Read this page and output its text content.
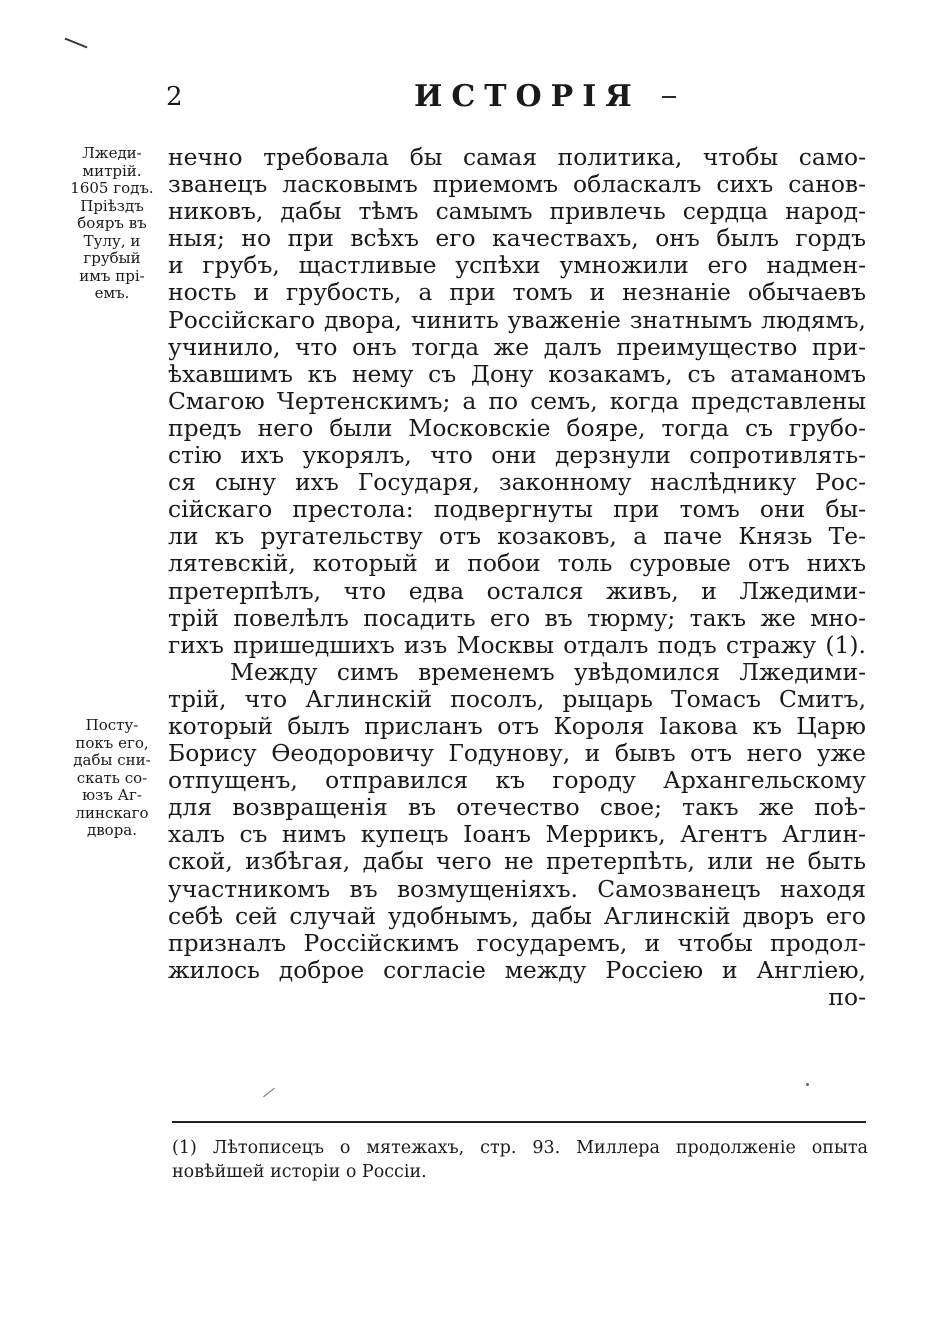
2	ИСТОРІЯ
Лжеди-
митрій.
1605 годъ.
Пріѣздъ
бояръ въ
Тулу, и
грубый
имъ прі-
емъ.
Посту-
покъ его,
дабы сни-
скать со-
юзъ Аг-
линскаго
двора.
нечно требовала бы самая политика, чтобы само-
званецъ ласковымъ приемомъ обласкалъ сихъ санов-
никовъ, дабы тѣмъ самымъ привлечь сердца народ-
ныя; но при всѣхъ его качествахъ, онъ былъ гордъ
и грубъ, щастливые успѣхи умножили его надмен-
ность и грубость, а при томъ и незнаніе обычаевъ
Россійскаго двора, чинить уваженіе знатнымъ людямъ,
учинило, что онъ тогда же далъ преимущество при-
ѣхавшимъ къ нему съ Дону козакамъ, съ атаманомъ
Смагою Чертенскимъ; а по семъ, когда представлены
предъ него были Московскіе бояре, тогда съ грубо-
стію ихъ укорялъ, что они дерзнули сопротивлять-
ся сыну ихъ Государя, законному наслѣднику Рос-
сійскаго престола: подвергнуты при томъ они бы-
ли къ ругательству отъ козаковъ, а паче Князь Те-
лятевскій, который и побои толь суровые отъ нихъ
претерпѣлъ, что едва остался живъ, и Лжедими-
трій повелѣлъ посадить его въ тюрму; такъ же мно-
гихъ пришедшихъ изъ Москвы отдалъ подъ стражу (1).
Между симъ временемъ увѣдомился Лжедими-
трій, что Аглинскій посолъ, рыцарь Томасъ Смитъ,
который былъ присланъ отъ Короля Іакова къ Царю
Борису Ѳеодоровичу Годунову, и бывъ отъ него уже
отпущенъ, отправился къ городу Архангельскому
для возвращенія въ отечество свое; такъ же поѣ-
халъ съ нимъ купецъ Іоанъ Меррикъ, Агентъ Аглин-
ской, избѣгая, дабы чего не претерпѣть, или не быть
участникомъ въ возмущеніяхъ. Самозванецъ находя
себѣ сей случай удобнымъ, дабы Аглинскій дворъ его
призналъ Россійскимъ государемъ, и чтобы продол-
жилось доброе согласіе между Россіею и Англіею,
по-
(1) Лѣтописецъ о мятежахъ, стр. 93. Миллера продолженіе опыта
новѣйшей исторіи о Россіи.
